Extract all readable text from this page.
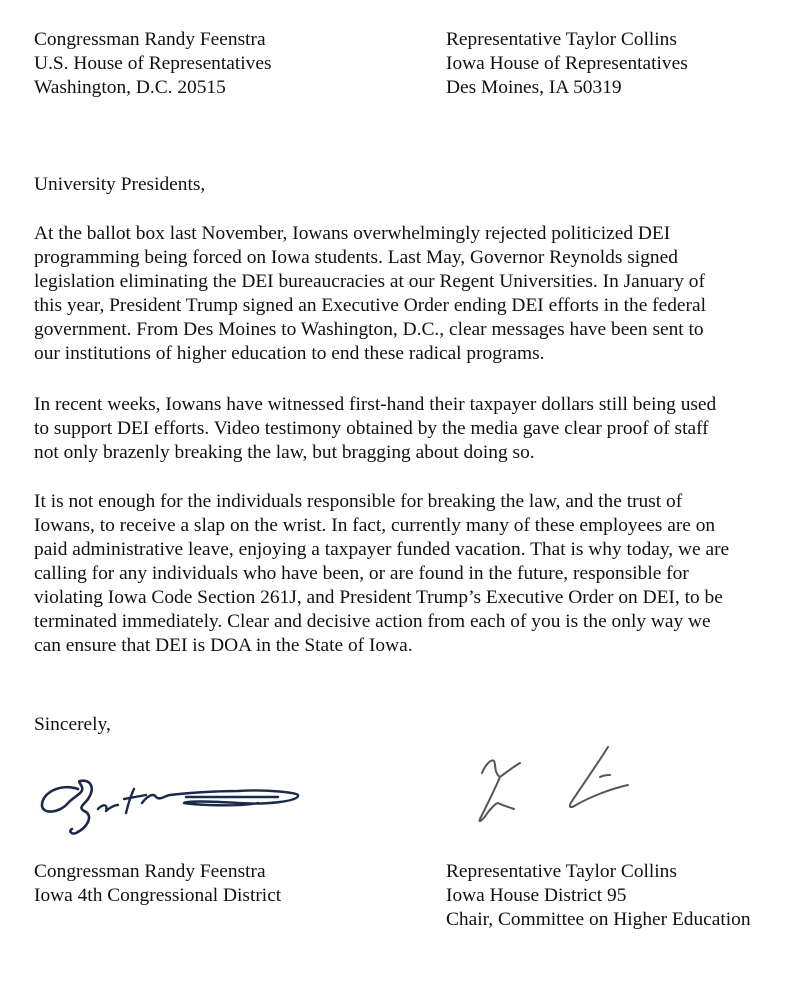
Congressman Randy Feenstra
U.S. House of Representatives
Washington, D.C. 20515
Representative Taylor Collins
Iowa House of Representatives
Des Moines, IA 50319
University Presidents,
At the ballot box last November, Iowans overwhelmingly rejected politicized DEI
programming being forced on Iowa students. Last May, Governor Reynolds signed
legislation eliminating the DEI bureaucracies at our Regent Universities. In January of
this year, President Trump signed an Executive Order ending DEI efforts in the federal
government. From Des Moines to Washington, D.C., clear messages have been sent to
our institutions of higher education to end these radical programs.
In recent weeks, Iowans have witnessed first-hand their taxpayer dollars still being used
to support DEI efforts. Video testimony obtained by the media gave clear proof of staff
not only brazenly breaking the law, but bragging about doing so.
It is not enough for the individuals responsible for breaking the law, and the trust of
Iowans, to receive a slap on the wrist. In fact, currently many of these employees are on
paid administrative leave, enjoying a taxpayer funded vacation. That is why today, we are
calling for any individuals who have been, or are found in the future, responsible for
violating Iowa Code Section 261J, and President Trump’s Executive Order on DEI, to be
terminated immediately. Clear and decisive action from each of you is the only way we
can ensure that DEI is DOA in the State of Iowa.
Sincerely,
Congressman Randy Feenstra
Iowa 4th Congressional District
Representative Taylor Collins
Iowa House District 95
Chair, Committee on Higher Education
